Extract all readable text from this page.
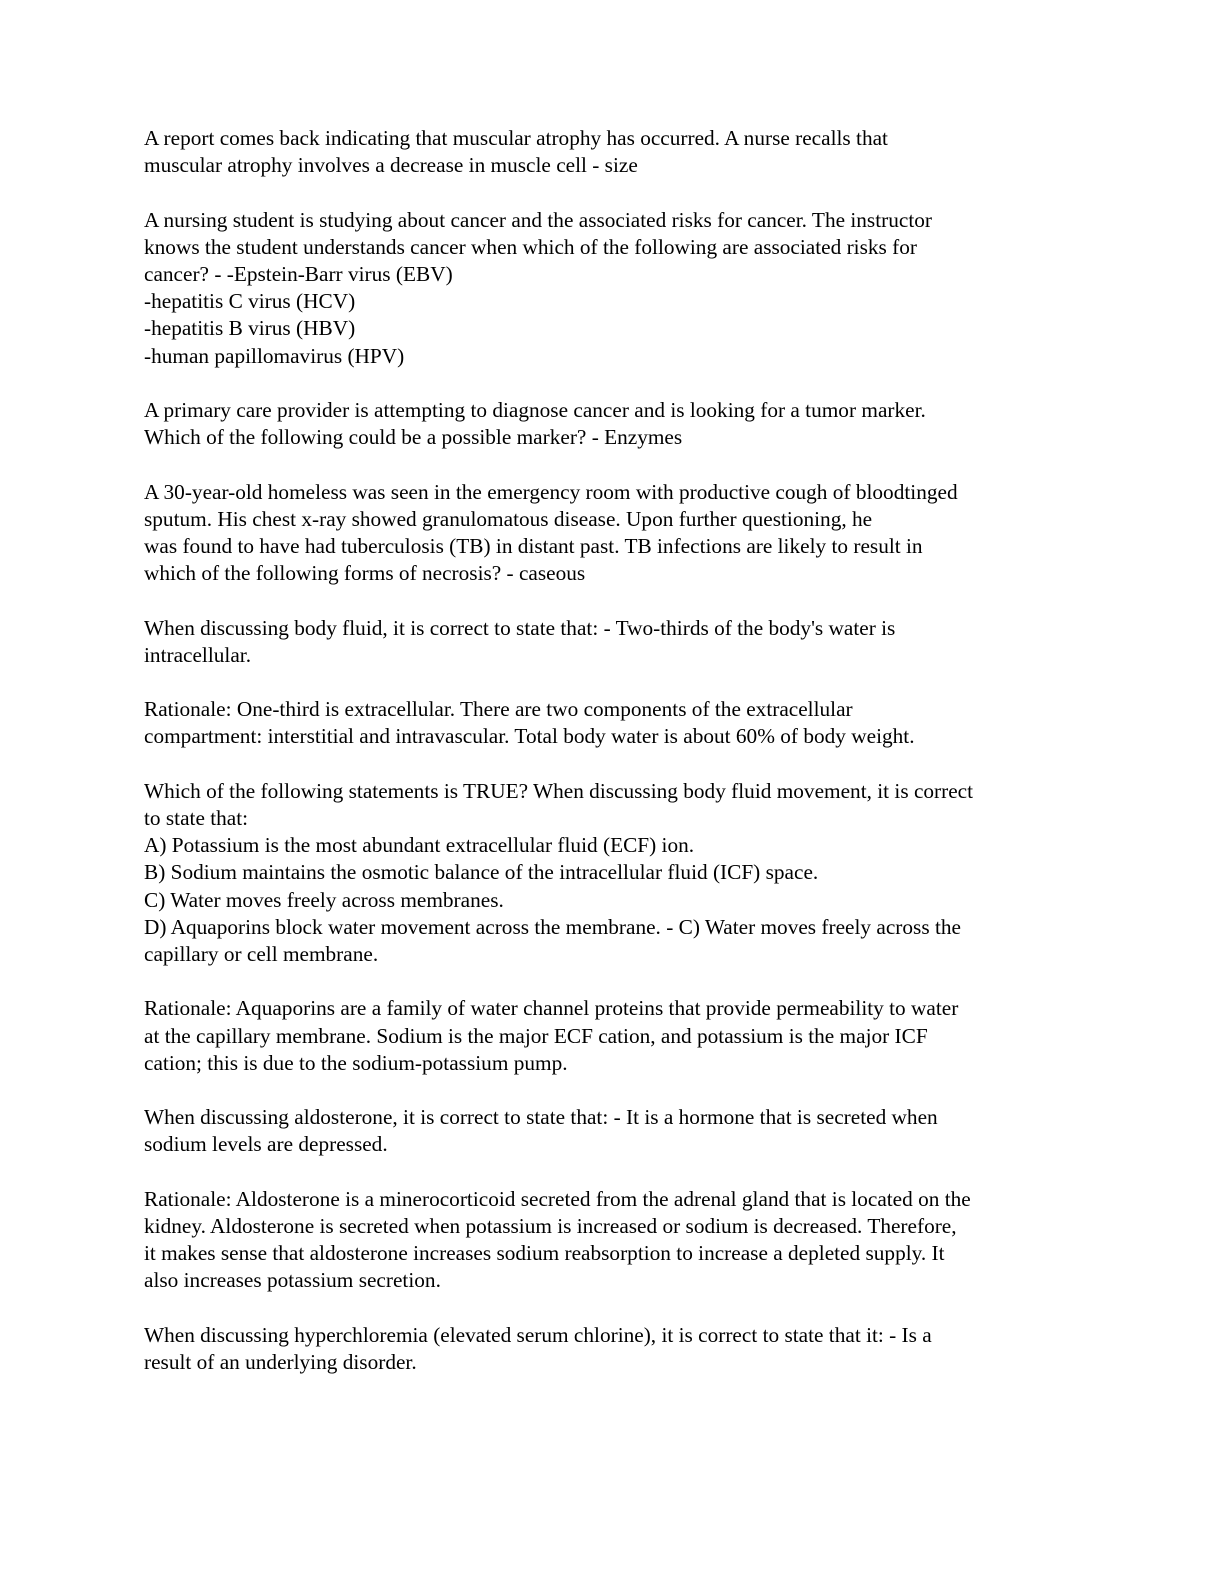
A report comes back indicating that muscular atrophy has occurred. A nurse recalls that
muscular atrophy involves a decrease in muscle cell - size
A nursing student is studying about cancer and the associated risks for cancer. The instructor
knows the student understands cancer when which of the following are associated risks for
cancer? - -Epstein-Barr virus (EBV)
-hepatitis C virus (HCV)
-hepatitis B virus (HBV)
-human papillomavirus (HPV)
A primary care provider is attempting to diagnose cancer and is looking for a tumor marker.
Which of the following could be a possible marker? - Enzymes
A 30-year-old homeless was seen in the emergency room with productive cough of bloodtinged
sputum. His chest x-ray showed granulomatous disease. Upon further questioning, he
was found to have had tuberculosis (TB) in distant past. TB infections are likely to result in
which of the following forms of necrosis? - caseous
When discussing body fluid, it is correct to state that: - Two-thirds of the body's water is
intracellular.
Rationale: One-third is extracellular. There are two components of the extracellular
compartment: interstitial and intravascular. Total body water is about 60% of body weight.
Which of the following statements is TRUE? When discussing body fluid movement, it is correct
to state that:
A) Potassium is the most abundant extracellular fluid (ECF) ion.
B) Sodium maintains the osmotic balance of the intracellular fluid (ICF) space.
C) Water moves freely across membranes.
D) Aquaporins block water movement across the membrane. - C) Water moves freely across the
capillary or cell membrane.
Rationale: Aquaporins are a family of water channel proteins that provide permeability to water
at the capillary membrane. Sodium is the major ECF cation, and potassium is the major ICF
cation; this is due to the sodium-potassium pump.
When discussing aldosterone, it is correct to state that: - It is a hormone that is secreted when
sodium levels are depressed.
Rationale: Aldosterone is a minerocorticoid secreted from the adrenal gland that is located on the
kidney. Aldosterone is secreted when potassium is increased or sodium is decreased. Therefore,
it makes sense that aldosterone increases sodium reabsorption to increase a depleted supply. It
also increases potassium secretion.
When discussing hyperchloremia (elevated serum chlorine), it is correct to state that it: - Is a
result of an underlying disorder.
